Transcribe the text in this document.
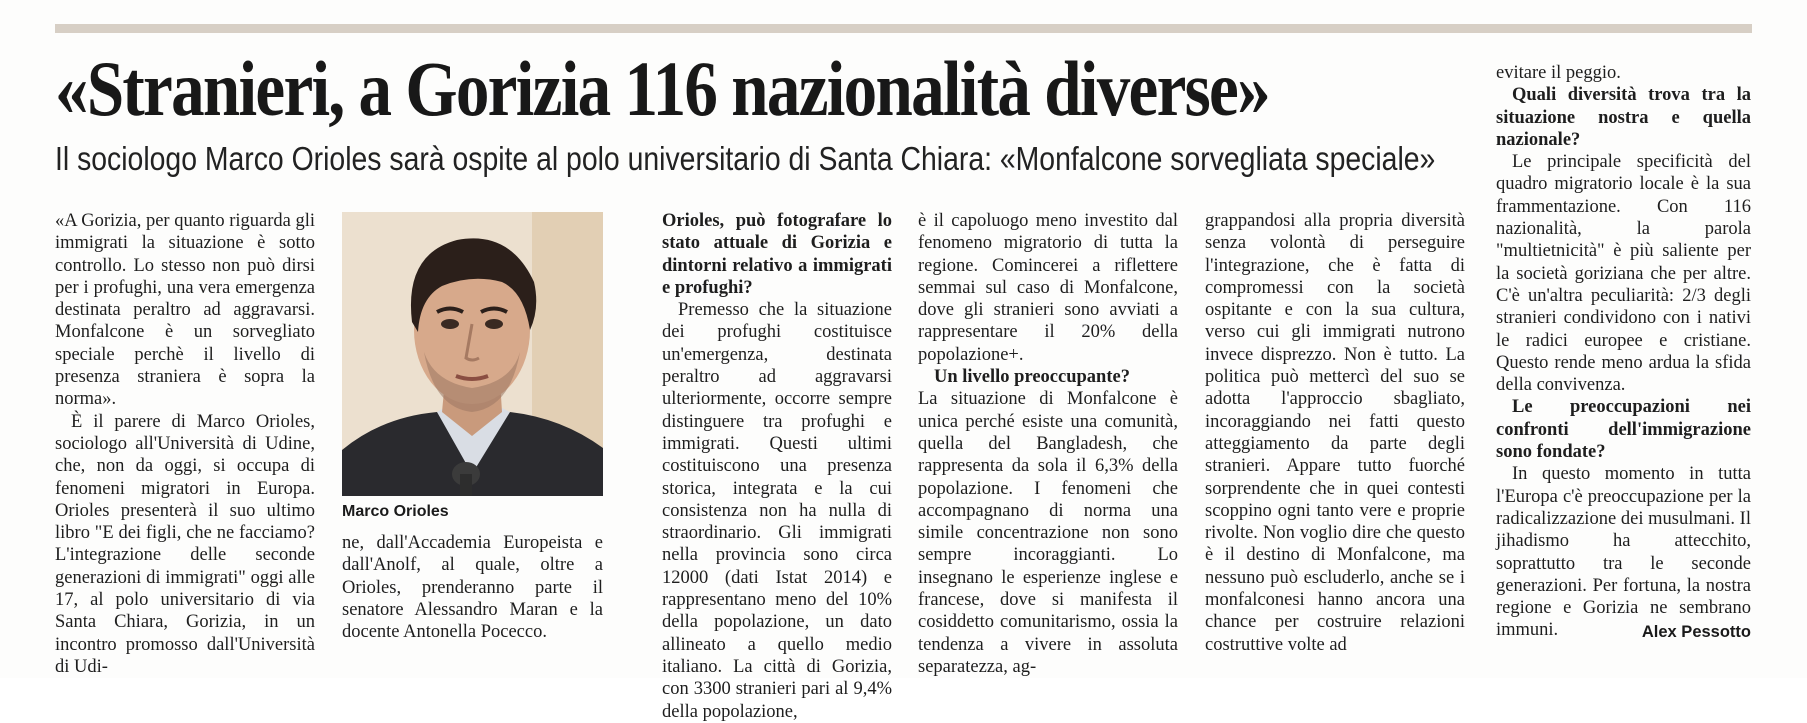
«Stranieri, a Gorizia 116 nazionalità diverse»
Il sociologo Marco Orioles sarà ospite al polo universitario di Santa Chiara: «Monfalcone sorvegliata speciale»

«A Gorizia, per quanto riguarda gli immigrati la situazione è sotto controllo. Lo stesso non può dirsi per i profughi, una vera emergenza destinata peraltro ad aggravarsi. Monfalcone è un sorvegliato speciale perchè il livello di presenza straniera è sopra la norma».

È il parere di Marco Orioles, sociologo all'Università di Udine, che, non da oggi, si occupa di fenomeni migratori in Europa. Orioles presenterà il suo ultimo libro "E dei figli, che ne facciamo? L'integrazione delle seconde generazioni di immigrati" oggi alle 17, al polo universitario di via Santa Chiara, Gorizia, in un incontro promosso dall'Università di Udi-

Marco Orioles

ne, dall'Accademia Europeista e dall'Anolf, al quale, oltre a Orioles, prenderanno parte il senatore Alessandro Maran e la docente Antonella Pocecco.

Orioles, può fotografare lo stato attuale di Gorizia e dintorni relativo a immigrati e profughi?

Premesso che la situazione dei profughi costituisce un'emergenza, destinata peraltro ad aggravarsi ulteriormente, occorre sempre distinguere tra profughi e immigrati. Questi ultimi costituiscono una presenza storica, integrata e la cui consistenza non ha nulla di straordinario. Gli immigrati nella provincia sono circa 12000 (dati Istat 2014) e rappresentano meno del 10% della popolazione, un dato allineato a quello medio italiano. La città di Gorizia, con 3300 stranieri pari al 9,4% della popolazione,

è il capoluogo meno investito dal fenomeno migratorio di tutta la regione. Comincerei a riflettere semmai sul caso di Monfalcone, dove gli stranieri sono avviati a rappresentare il 20% della popolazione+.

Un livello preoccupante?

La situazione di Monfalcone è unica perché esiste una comunità, quella del Bangladesh, che rappresenta da sola il 6,3% della popolazione. I fenomeni che accompagnano di norma una simile concentrazione non sono sempre incoraggianti. Lo insegnano le esperienze inglese e francese, dove si manifesta il cosiddetto comunitarismo, ossia la tendenza a vivere in assoluta separatezza, ag-

grappandosi alla propria diversità senza volontà di perseguire l'integrazione, che è fatta di compromessi con la società ospitante e con la sua cultura, verso cui gli immigrati nutrono invece disprezzo. Non è tutto. La politica può mettercì del suo se adotta l'approccio sbagliato, incoraggiando nei fatti questo atteggiamento da parte degli stranieri. Appare tutto fuorché sorprendente che in quei contesti scoppino ogni tanto vere e proprie rivolte. Non voglio dire che questo è il destino di Monfalcone, ma nessuno può escluderlo, anche se i monfalconesi hanno ancora una chance per costruire relazioni costruttive volte ad

evitare il peggio.

Quali diversità trova tra la situazione nostra e quella nazionale?

Le principale specificità del quadro migratorio locale è la sua frammentazione. Con 116 nazionalità, la parola "multietnicità" è più saliente per la società goriziana che per altre. C'è un'altra peculiarità: 2/3 degli stranieri condividono con i nativi le radici europee e cristiane. Questo rende meno ardua la sfida della convivenza.

Le preoccupazioni nei confronti dell'immigrazione sono fondate?

In questo momento in tutta l'Europa c'è preoccupazione per la radicalizzazione dei musulmani. Il jihadismo ha attecchito, soprattutto tra le seconde generazioni. Per fortuna, la nostra regione e Gorizia ne sembrano immuni.	Alex Pessotto
